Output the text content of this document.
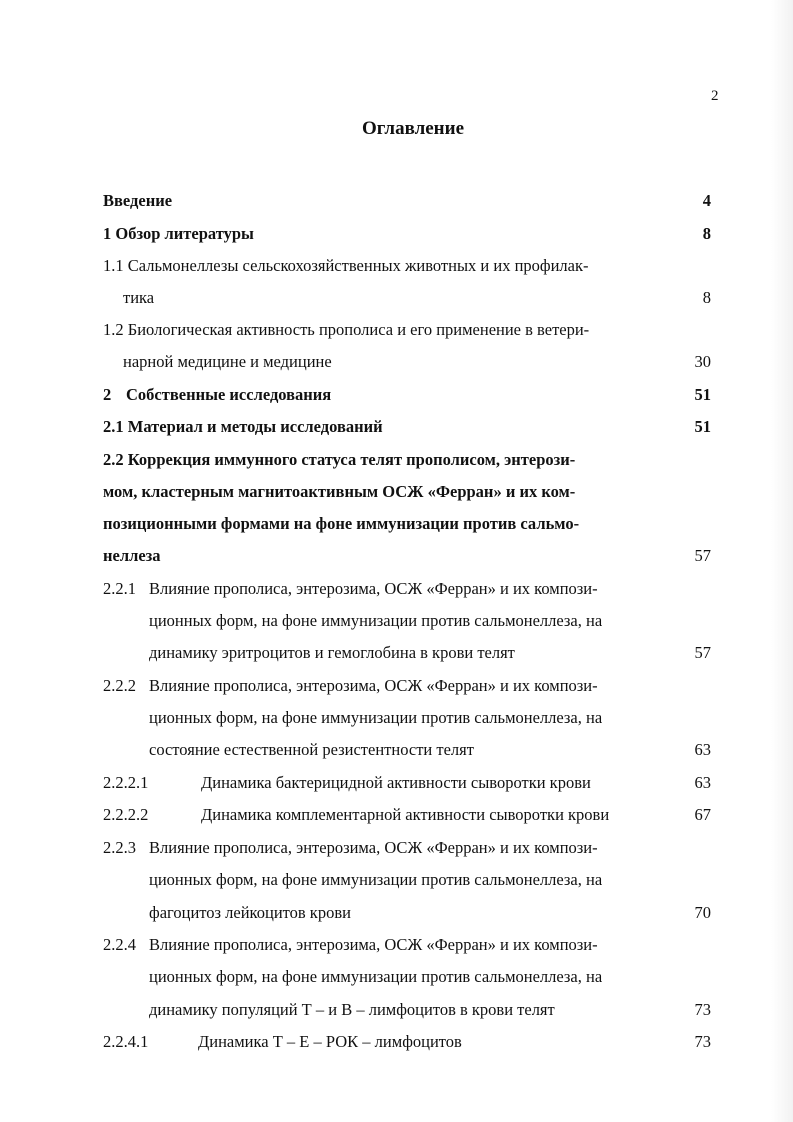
2
Оглавление
Введение	4
1 Обзор литературы	8
1.1 Сальмонеллезы сельскохозяйственных животных и их профилак-
тика	8
1.2 Биологическая активность прополиса и его применение в ветери-
нарной медицине и медицине	30
2 Собственные исследования	51
2.1 Материал и методы исследований	51
2.2 Коррекция иммунного статуса телят прополисом, энтерози-
мом, кластерным магнитоактивным ОСЖ «Ферран» и их ком-
позиционными формами на фоне иммунизации против сальмо-
неллеза	57
2.2.1 Влияние прополиса, энтерозима, ОСЖ «Ферран» и их компози-
ционных форм, на фоне иммунизации против сальмонеллеза, на
динамику эритроцитов и гемоглобина в крови телят	57
2.2.2 Влияние прополиса, энтерозима, ОСЖ «Ферран» и их компози-
ционных форм, на фоне иммунизации против сальмонеллеза, на
состояние естественной резистентности телят	63
2.2.2.1	Динамика бактерицидной активности сыворотки крови	63
2.2.2.2	Динамика комплементарной активности сыворотки крови	67
2.2.3 Влияние прополиса, энтерозима, ОСЖ «Ферран» и их компози-
ционных форм, на фоне иммунизации против сальмонеллеза, на
фагоцитоз лейкоцитов крови	70
2.2.4 Влияние прополиса, энтерозима, ОСЖ «Ферран» и их компози-
ционных форм, на фоне иммунизации против сальмонеллеза, на
динамику популяций Т – и В – лимфоцитов в крови телят	73
2.2.4.1	Динамика Т – Е – РОК – лимфоцитов	73
